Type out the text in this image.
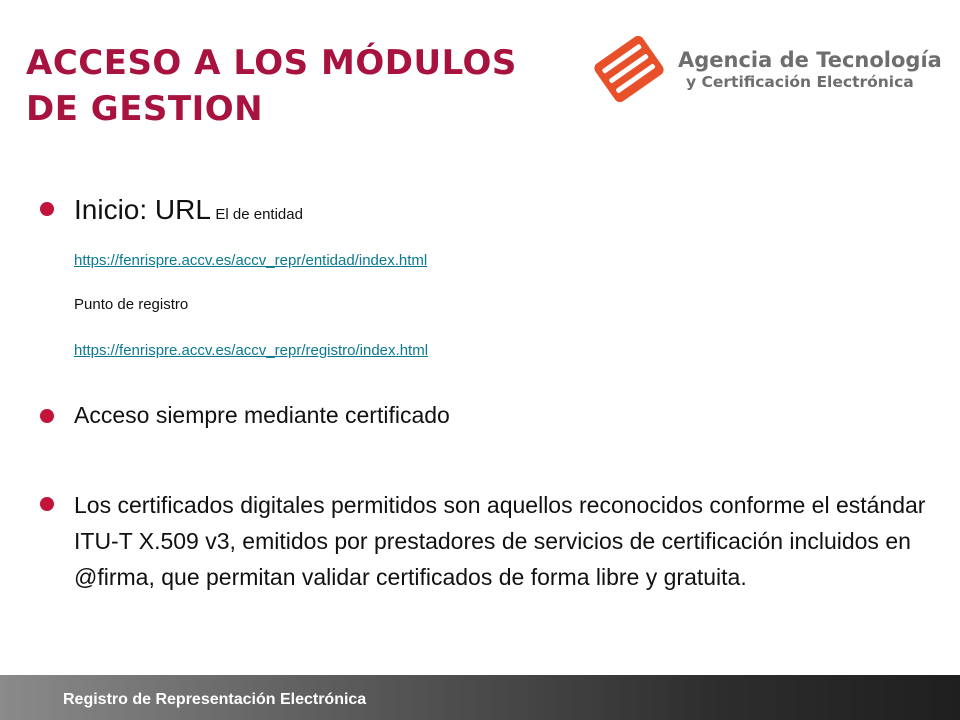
ACCESO A LOS MÓDULOS
DE GESTION
Agencia de Tecnología
y Certificación Electrónica
Inicio: URL El de entidad
https://fenrispre.accv.es/accv_repr/entidad/index.html
Punto de registro
https://fenrispre.accv.es/accv_repr/registro/index.html
Acceso siempre mediante certificado
Los certificados digitales permitidos son aquellos reconocidos conforme el estándar ITU-T X.509 v3, emitidos por prestadores de servicios de certificación incluidos en @firma, que permitan validar certificados de forma libre y gratuita.
Registro de Representación Electrónica
